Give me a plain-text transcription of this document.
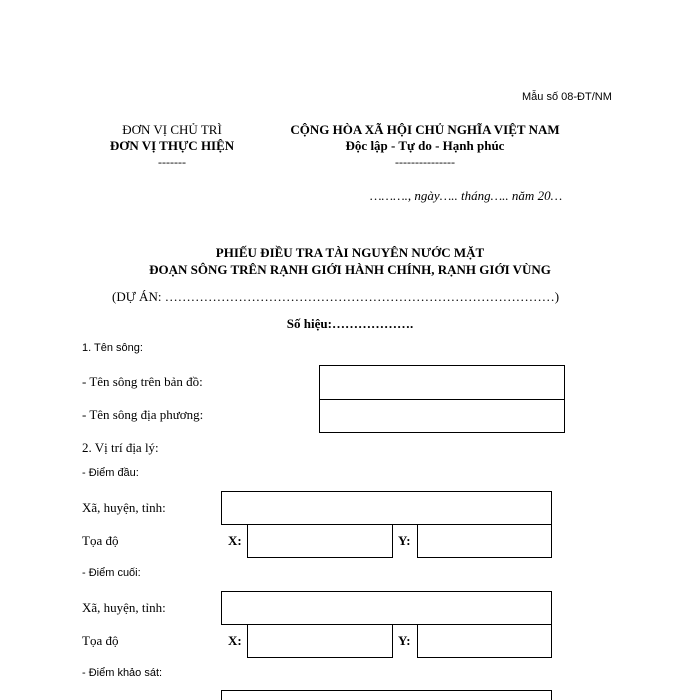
Mẫu số 08-ĐT/NM
ĐƠN VỊ CHỦ TRÌ
ĐƠN VỊ THỰC HIỆN
-------
CỘNG HÒA XÃ HỘI CHỦ NGHĨA VIỆT NAM
Độc lập - Tự do - Hạnh phúc
---------------
………., ngày….. tháng….. năm 20…
PHIẾU ĐIỀU TRA TÀI NGUYÊN NƯỚC MẶT
ĐOẠN SÔNG TRÊN RẠNH GIỚI HÀNH CHÍNH, RẠNH GIỚI VÙNG
(DỰ ÁN: ………………………………………………………………………………)
Số hiệu:……………….
1. Tên sông:
- Tên sông trên bản đồ:
- Tên sông địa phương:
2. Vị trí địa lý:
- Điểm đầu:
Xã, huyện, tỉnh:
Tọa độ	X:	Y:
- Điểm cuối:
Xã, huyện, tỉnh:
Tọa độ	X:	Y:
- Điểm khảo sát:
